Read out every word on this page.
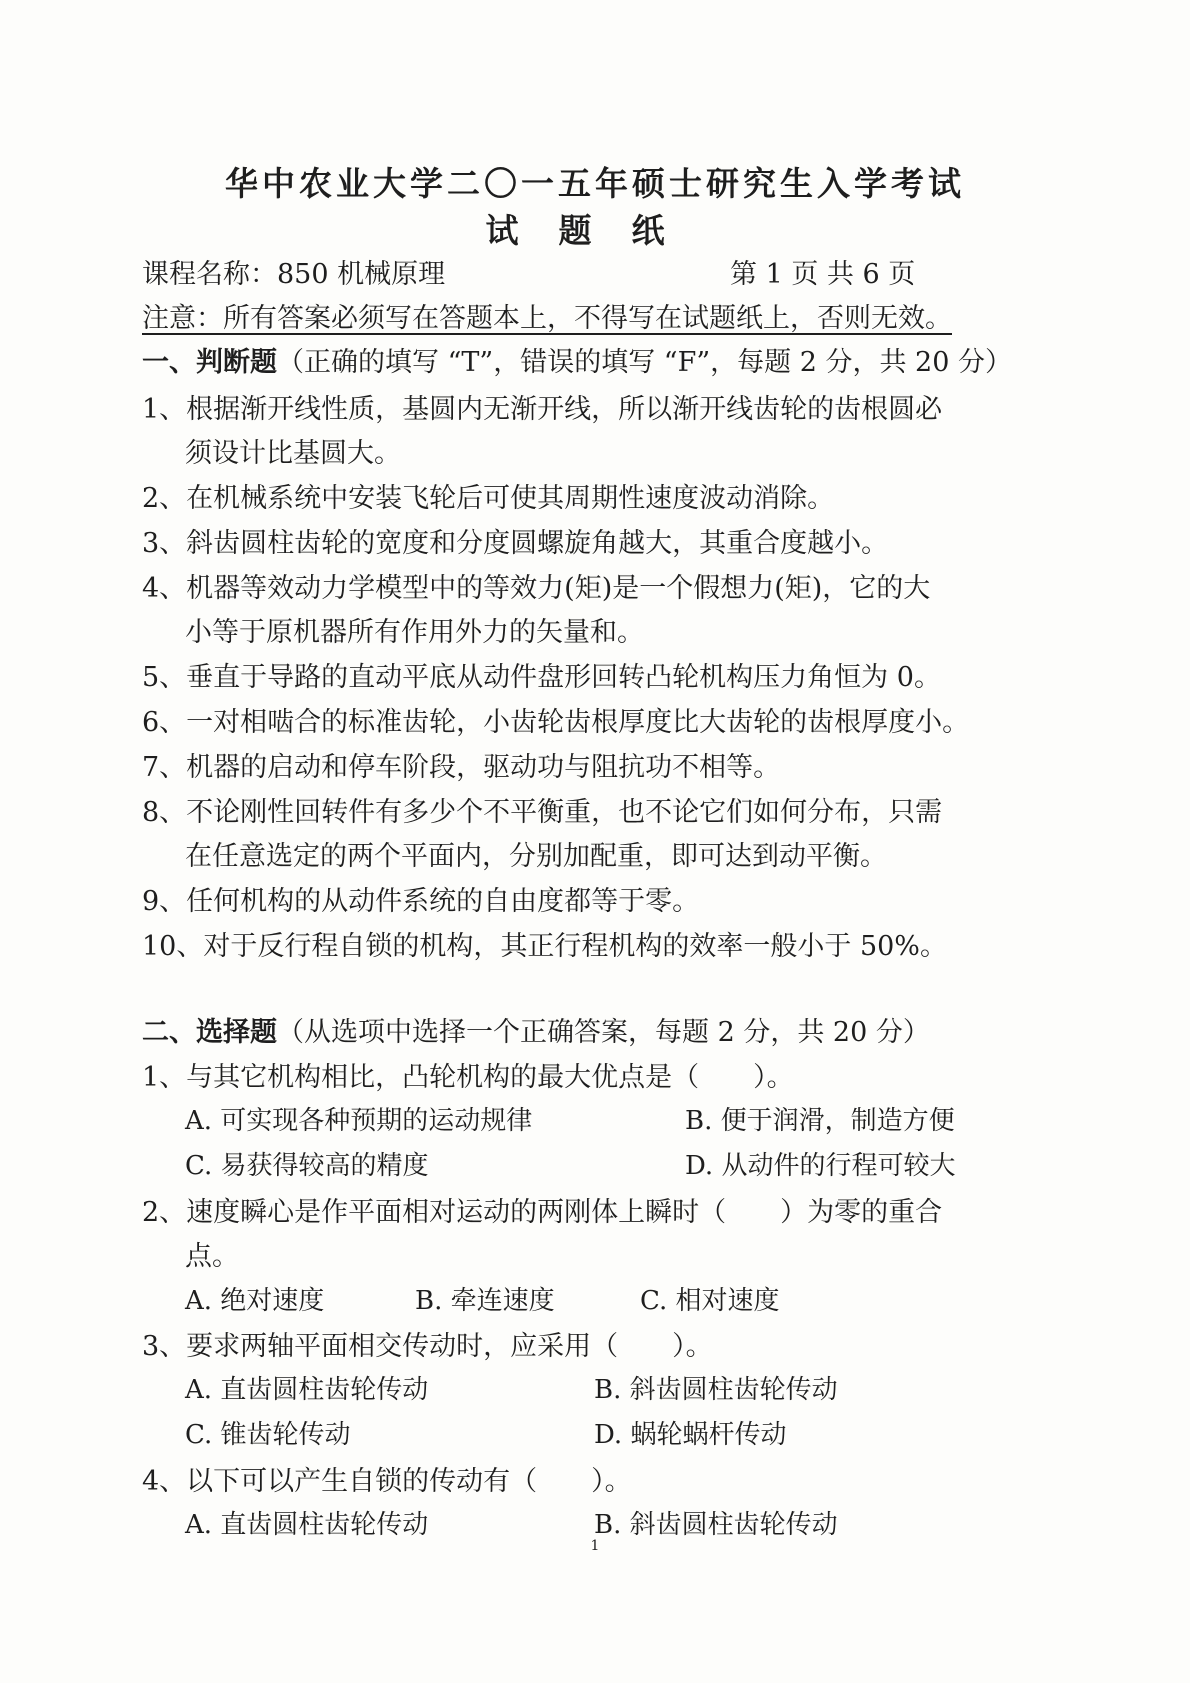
华中农业大学二〇一五年硕士研究生入学考试
试题纸
课程名称：850 机械原理	第 1 页 共 6 页
注意：所有答案必须写在答题本上，不得写在试题纸上，否则无效。
一、判断题（正确的填写 “T”，错误的填写 “F”，每题 2 分，共 20 分）
1、根据渐开线性质，基圆内无渐开线，所以渐开线齿轮的齿根圆必
须设计比基圆大。
2、在机械系统中安装飞轮后可使其周期性速度波动消除。
3、斜齿圆柱齿轮的宽度和分度圆螺旋角越大，其重合度越小。
4、机器等效动力学模型中的等效力(矩)是一个假想力(矩)，它的大
小等于原机器所有作用外力的矢量和。
5、垂直于导路的直动平底从动件盘形回转凸轮机构压力角恒为 0。
6、一对相啮合的标准齿轮，小齿轮齿根厚度比大齿轮的齿根厚度小。
7、机器的启动和停车阶段，驱动功与阻抗功不相等。
8、不论刚性回转件有多少个不平衡重，也不论它们如何分布，只需
在任意选定的两个平面内，分别加配重，即可达到动平衡。
9、任何机构的从动件系统的自由度都等于零。
10、对于反行程自锁的机构，其正行程机构的效率一般小于 50%。
二、选择题（从选项中选择一个正确答案，每题 2 分，共 20 分）
1、与其它机构相比，凸轮机构的最大优点是（　　）。
A. 可实现各种预期的运动规律	B. 便于润滑，制造方便
C. 易获得较高的精度	D. 从动件的行程可较大
2、速度瞬心是作平面相对运动的两刚体上瞬时（　　）为零的重合
点。
A. 绝对速度	B. 牵连速度	C. 相对速度
3、要求两轴平面相交传动时，应采用（　　）。
A. 直齿圆柱齿轮传动	B. 斜齿圆柱齿轮传动
C. 锥齿轮传动	D. 蜗轮蜗杆传动
4、以下可以产生自锁的传动有（　　）。
A. 直齿圆柱齿轮传动	B. 斜齿圆柱齿轮传动
1
